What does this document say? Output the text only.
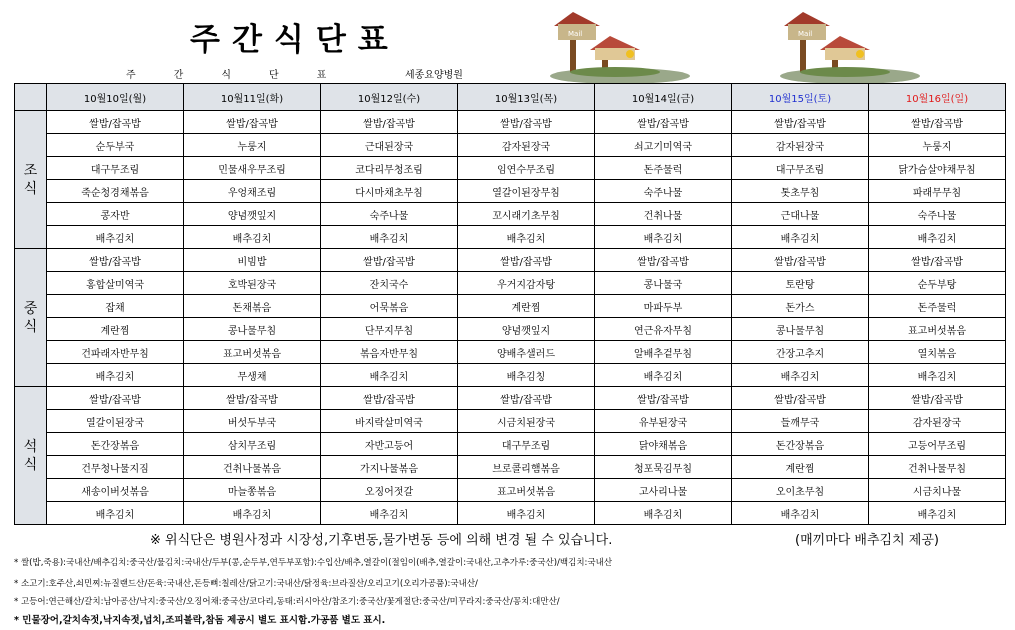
주간식단표
주간식단표	세종요양병원
Mail	Mail
	10월10일(월)	10월11일(화)	10월12일(수)	10월13일(목)	10월14일(금)	10월15일(토)	10월16일(일)
조
식	쌀밥/잡곡밥	쌀밥/잡곡밥	쌀밥/잡곡밥	쌀밥/잡곡밥	쌀밥/잡곡밥	쌀밥/잡곡밥	쌀밥/잡곡밥
	순두부국	누룽지	근대된장국	감자된장국	쇠고기미역국	감자된장국	누룽지
	대구무조림	민물새우무조림	코다리무청조림	임연수무조림	돈주물럭	대구무조림	닭가슴살야채무침
	죽순청경채볶음	우엉채조림	다시마채초무침	열갈이된장무침	숙주나물	톳초무침	파래무무침
	콩자반	양념깻잎지	숙주나물	꼬시래기초무침	건취나물	근대나물	숙주나물
	배추김치	배추김치	배추김치	배추김치	배추김치	배추김치	배추김치
중
식	쌀밥/잡곡밥	비빔밥	쌀밥/잡곡밥	쌀밥/잡곡밥	쌀밥/잡곡밥	쌀밥/잡곡밥	쌀밥/잡곡밥
	홍합살미역국	호박된장국	잔치국수	우거지감자탕	콩나물국	토란탕	순두부탕
	잡채	돈채볶음	어묵볶음	계란찜	마파두부	돈가스	돈주물럭
	계란찜	콩나물무침	단무지무침	양념깻잎지	연근유자무침	콩나물무침	표고버섯볶음
	건파래자반무침	표고버섯볶음	볶음자반무침	양배추샐러드	알배추겉무침	간장고추지	열치볶음
	배추김치	무생채	배추김치	배추김칭	배추김치	배추김치	배추김치
석
식	쌀밥/잡곡밥	쌀밥/잡곡밥	쌀밥/잡곡밥	쌀밥/잡곡밥	쌀밥/잡곡밥	쌀밥/잡곡밥	쌀밥/잡곡밥
	열갈이된장국	버섯두부국	바지락살미역국	시금치된장국	유부된장국	들깨무국	감자된장국
	돈간장볶음	삼치무조림	자반고등어	대구무조림	닭야채볶음	돈간장볶음	고등어무조림
	건무청나물지짐	건취나물볶음	가지나물볶음	브로콜리햄볶음	청포묵김무침	계란찜	건취나물무침
	새송이버섯볶음	마늘쫑볶음	오징어젓갈	표고버섯볶음	고사리나물	오이초무침	시금치나물
	배추김치	배추김치	배추김치	배추김치	배추김치	배추김치	배추김치
※ 위식단은 병원사정과 시장성,기후변동,물가변동 등에 의해 변경 될 수 있습니다.	(매끼마다 배추김치 제공)
* 쌀(밥,죽용):국내산/배추김치:중국산/물김치:국내산/두부(콩,순두부,연두부포함):수입산/배추,열갈이(절임이(배추,열갈이:국내산,고추가루:중국산)/백김치:국내산
* 소고기:호주산,쇠민찌:뉴질랜드산/돈육:국내산,돈등뼈:칠레산/닭고기:국내산/닭정육:브라질산/오리고기(오리가공품):국내산/
* 고등어:연근해산/갈치:남아공산/낙지:중국산/오징어채:중국산/코다리,동태:러시아산/참조기:중국산/꽃게절단:중국산/미꾸라지:중국산/꽁치:대만산/
* 민물장어,갈치속젓,낙지속젓,넙치,조피볼락,참돔 제공시 별도 표시함.가공품 별도 표시.
